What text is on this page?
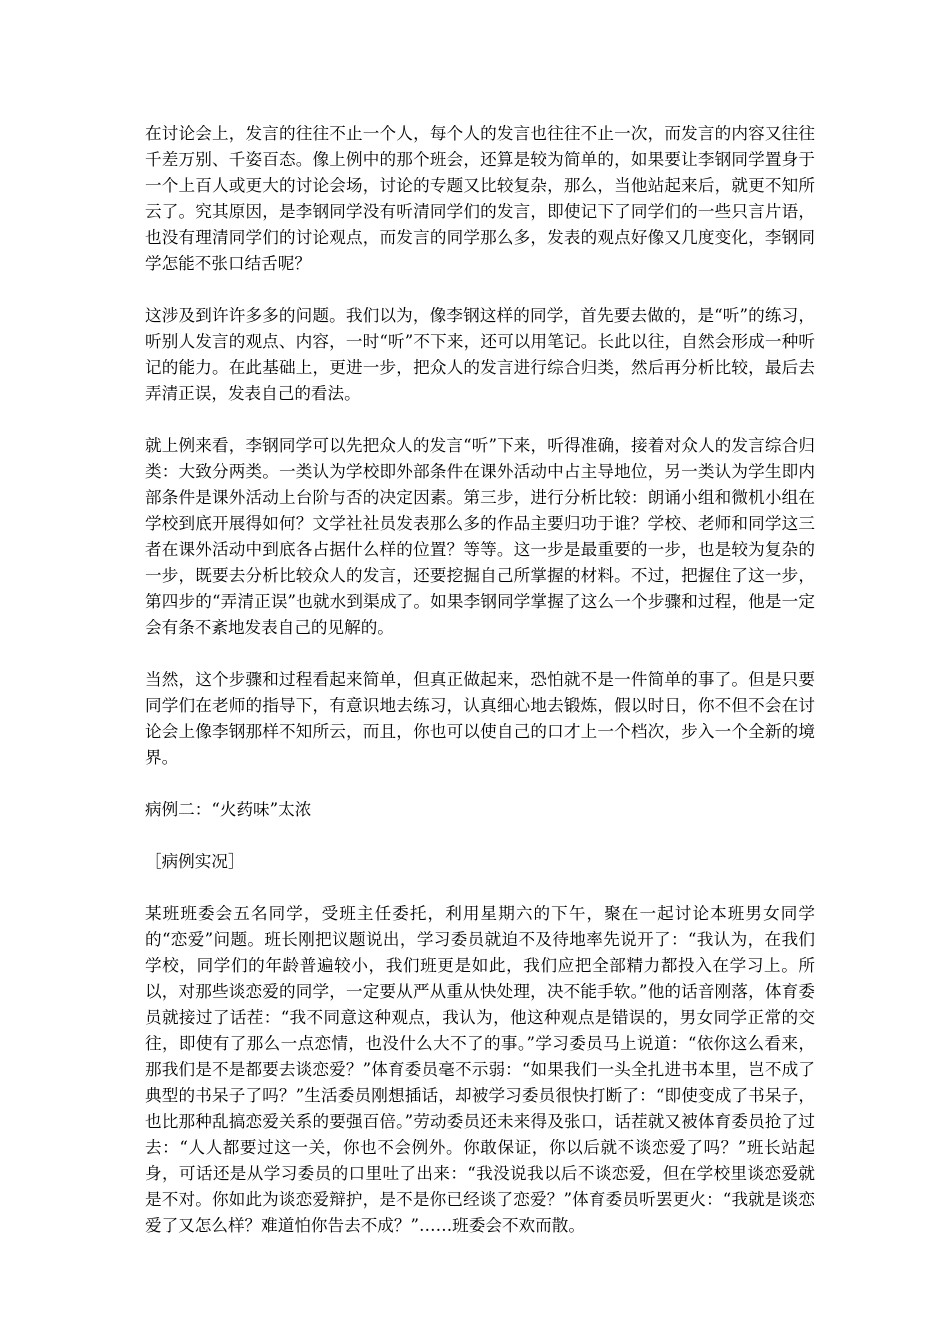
在讨论会上，发言的往往不止一个人，每个人的发言也往往不止一次，而发言的内容又往往千差万别、千姿百态。像上例中的那个班会，还算是较为简单的，如果要让李钢同学置身于一个上百人或更大的讨论会场，讨论的专题又比较复杂，那么，当他站起来后，就更不知所云了。究其原因，是李钢同学没有听清同学们的发言，即使记下了同学们的一些只言片语，也没有理清同学们的讨论观点，而发言的同学那么多，发表的观点好像又几度变化，李钢同学怎能不张口结舌呢？

这涉及到许许多多的问题。我们以为，像李钢这样的同学，首先要去做的，是“听”的练习，听别人发言的观点、内容，一时“听”不下来，还可以用笔记。长此以往，自然会形成一种听记的能力。在此基础上，更进一步，把众人的发言进行综合归类，然后再分析比较，最后去弄清正误，发表自己的看法。

就上例来看，李钢同学可以先把众人的发言“听”下来，听得准确，接着对众人的发言综合归类：大致分两类。一类认为学校即外部条件在课外活动中占主导地位，另一类认为学生即内部条件是课外活动上台阶与否的决定因素。第三步，进行分析比较：朗诵小组和微机小组在学校到底开展得如何？文学社社员发表那么多的作品主要归功于谁？学校、老师和同学这三者在课外活动中到底各占据什么样的位置？等等。这一步是最重要的一步，也是较为复杂的一步，既要去分析比较众人的发言，还要挖掘自己所掌握的材料。不过，把握住了这一步，第四步的“弄清正误”也就水到渠成了。如果李钢同学掌握了这么一个步骤和过程，他是一定会有条不紊地发表自己的见解的。

当然，这个步骤和过程看起来简单，但真正做起来，恐怕就不是一件简单的事了。但是只要同学们在老师的指导下，有意识地去练习，认真细心地去锻炼，假以时日，你不但不会在讨论会上像李钢那样不知所云，而且，你也可以使自己的口才上一个档次，步入一个全新的境界。

病例二：“火药味”太浓

［病例实况］

某班班委会五名同学，受班主任委托，利用星期六的下午，聚在一起讨论本班男女同学的“恋爱”问题。班长刚把议题说出，学习委员就迫不及待地率先说开了：“我认为，在我们学校，同学们的年龄普遍较小，我们班更是如此，我们应把全部精力都投入在学习上。所以，对那些谈恋爱的同学，一定要从严从重从快处理，决不能手软。”他的话音刚落，体育委员就接过了话茬：“我不同意这种观点，我认为，他这种观点是错误的，男女同学正常的交往，即使有了那么一点恋情，也没什么大不了的事。”学习委员马上说道：“依你这么看来，那我们是不是都要去谈恋爱？”体育委员毫不示弱：“如果我们一头全扎进书本里，岂不成了典型的书呆子了吗？”生活委员刚想插话，却被学习委员很快打断了：“即使变成了书呆子，也比那种乱搞恋爱关系的要强百倍。”劳动委员还未来得及张口，话茬就又被体育委员抢了过去：“人人都要过这一关，你也不会例外。你敢保证，你以后就不谈恋爱了吗？”班长站起身，可话还是从学习委员的口里吐了出来：“我没说我以后不谈恋爱，但在学校里谈恋爱就是不对。你如此为谈恋爱辩护，是不是你已经谈了恋爱？”体育委员听罢更火：“我就是谈恋爱了又怎么样？难道怕你告去不成？”……班委会不欢而散。
